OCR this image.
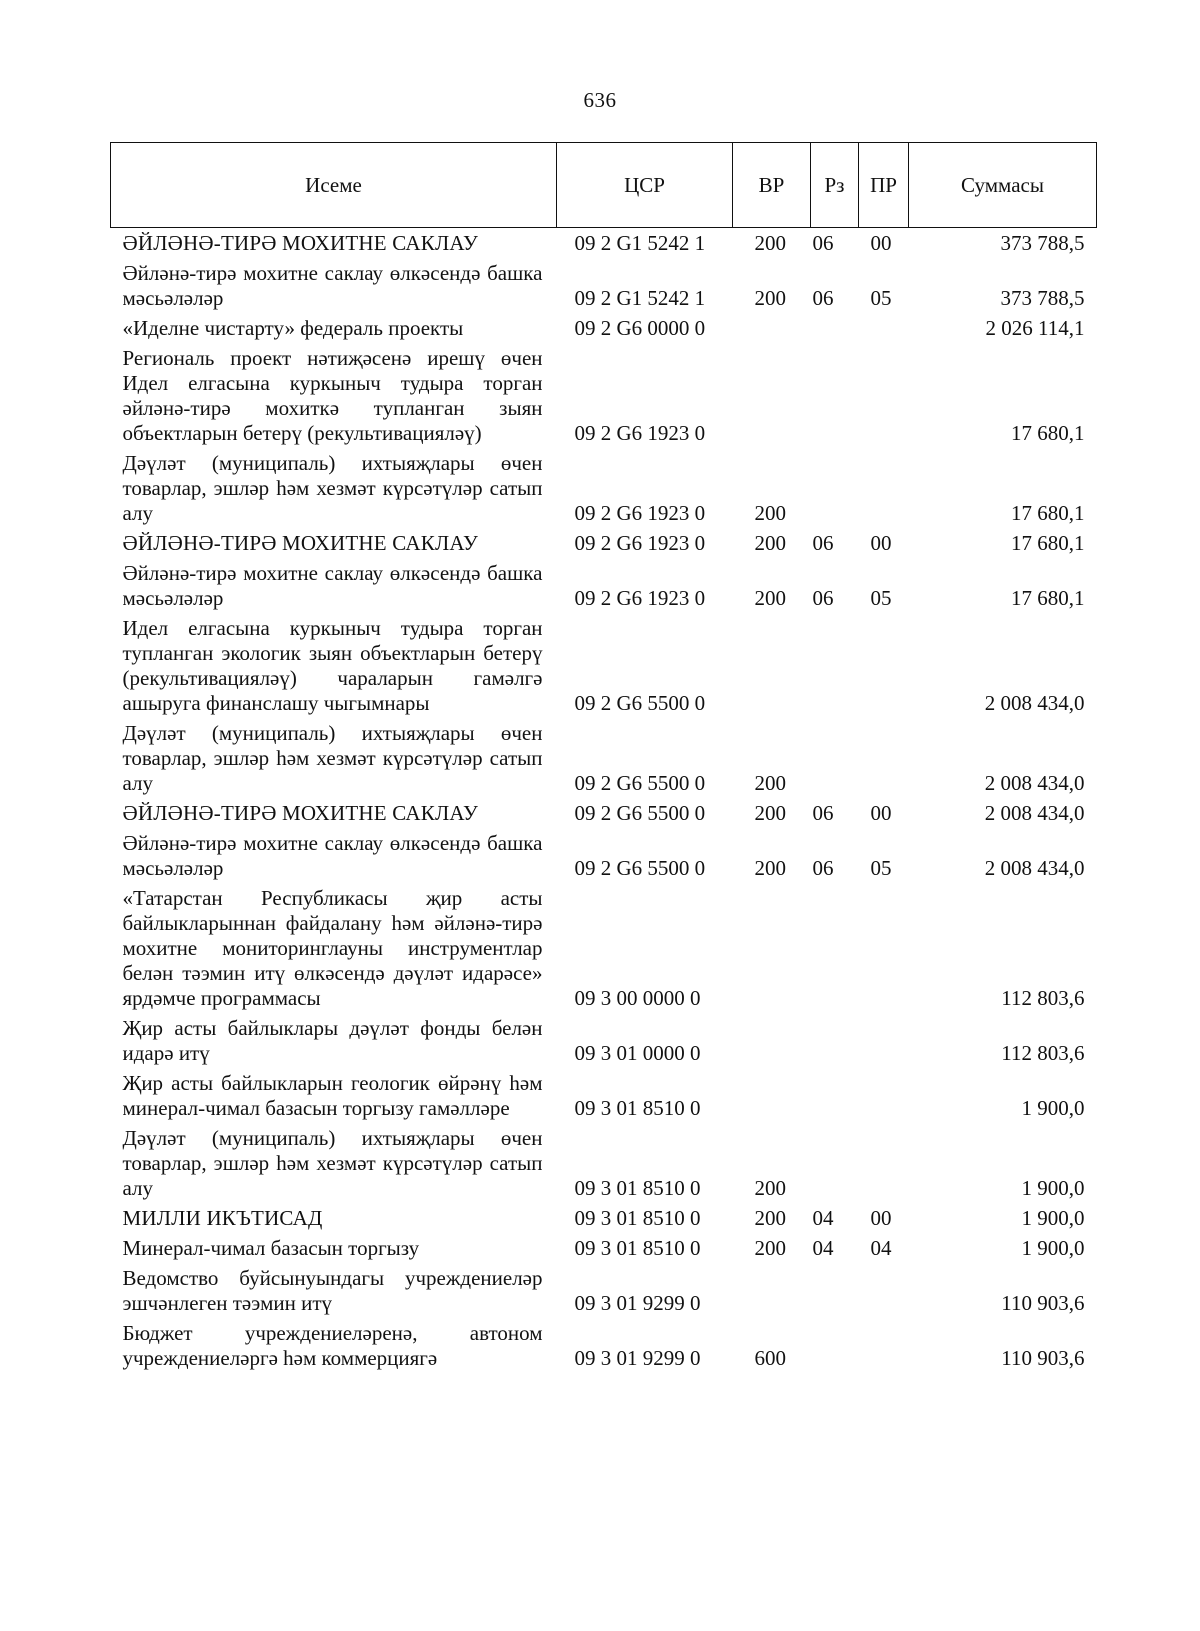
636
Исеме	ЦСР	ВР	Рз	ПР	Суммасы
ӘЙЛӘНӘ-ТИРӘ МОХИТНЕ САКЛАУ	09 2 G1 5242 1	200	06	00	373 788,5
Әйләнә-тирә мохитне саклау өлкәсендә башка мәсьәләләр	09 2 G1 5242 1	200	06	05	373 788,5
«Иделне чистарту» федераль проекты	09 2 G6 0000 0				2 026 114,1
Региональ проект нәтиҗәсенә ирешү өчен Идел елгасына куркыныч тудыра торган әйләнә-тирә мохиткә тупланган зыян объектларын бетерү (рекультивацияләү)	09 2 G6 1923 0				17 680,1
Дәүләт (муниципаль) ихтыяҗлары өчен товарлар, эшләр һәм хезмәт күрсәтүләр сатып алу	09 2 G6 1923 0	200			17 680,1
ӘЙЛӘНӘ-ТИРӘ МОХИТНЕ САКЛАУ	09 2 G6 1923 0	200	06	00	17 680,1
Әйләнә-тирә мохитне саклау өлкәсендә башка мәсьәләләр	09 2 G6 1923 0	200	06	05	17 680,1
Идел елгасына куркыныч тудыра торган тупланган экологик зыян объектларын бетерү (рекультивацияләү) чараларын гамәлгә ашыруга финанслашу чыгымнары	09 2 G6 5500 0				2 008 434,0
Дәүләт (муниципаль) ихтыяҗлары өчен товарлар, эшләр һәм хезмәт күрсәтүләр сатып алу	09 2 G6 5500 0	200			2 008 434,0
ӘЙЛӘНӘ-ТИРӘ МОХИТНЕ САКЛАУ	09 2 G6 5500 0	200	06	00	2 008 434,0
Әйләнә-тирә мохитне саклау өлкәсендә башка мәсьәләләр	09 2 G6 5500 0	200	06	05	2 008 434,0
«Татарстан Республикасы җир асты байлыкларыннан файдалану һәм әйләнә-тирә мохитне мониторинглауны инструментлар белән тәэмин итү өлкәсендә дәүләт идарәсе» ярдәмче программасы	09 3 00 0000 0				112 803,6
Җир асты байлыклары дәүләт фонды белән идарә итү	09 3 01 0000 0				112 803,6
Җир асты байлыкларын геологик өйрәнү һәм минерал-чимал базасын торгызу гамәлләре	09 3 01 8510 0				1 900,0
Дәүләт (муниципаль) ихтыяҗлары өчен товарлар, эшләр һәм хезмәт күрсәтүләр сатып алу	09 3 01 8510 0	200			1 900,0
МИЛЛИ ИКЪТИСАД	09 3 01 8510 0	200	04	00	1 900,0
Минерал-чимал базасын торгызу	09 3 01 8510 0	200	04	04	1 900,0
Ведомство буйсынуындагы учреждениеләр эшчәнлеген тәэмин итү	09 3 01 9299 0				110 903,6
Бюджет учреждениеләренә, автоном учреждениеләргә һәм коммерциягә	09 3 01 9299 0	600			110 903,6
